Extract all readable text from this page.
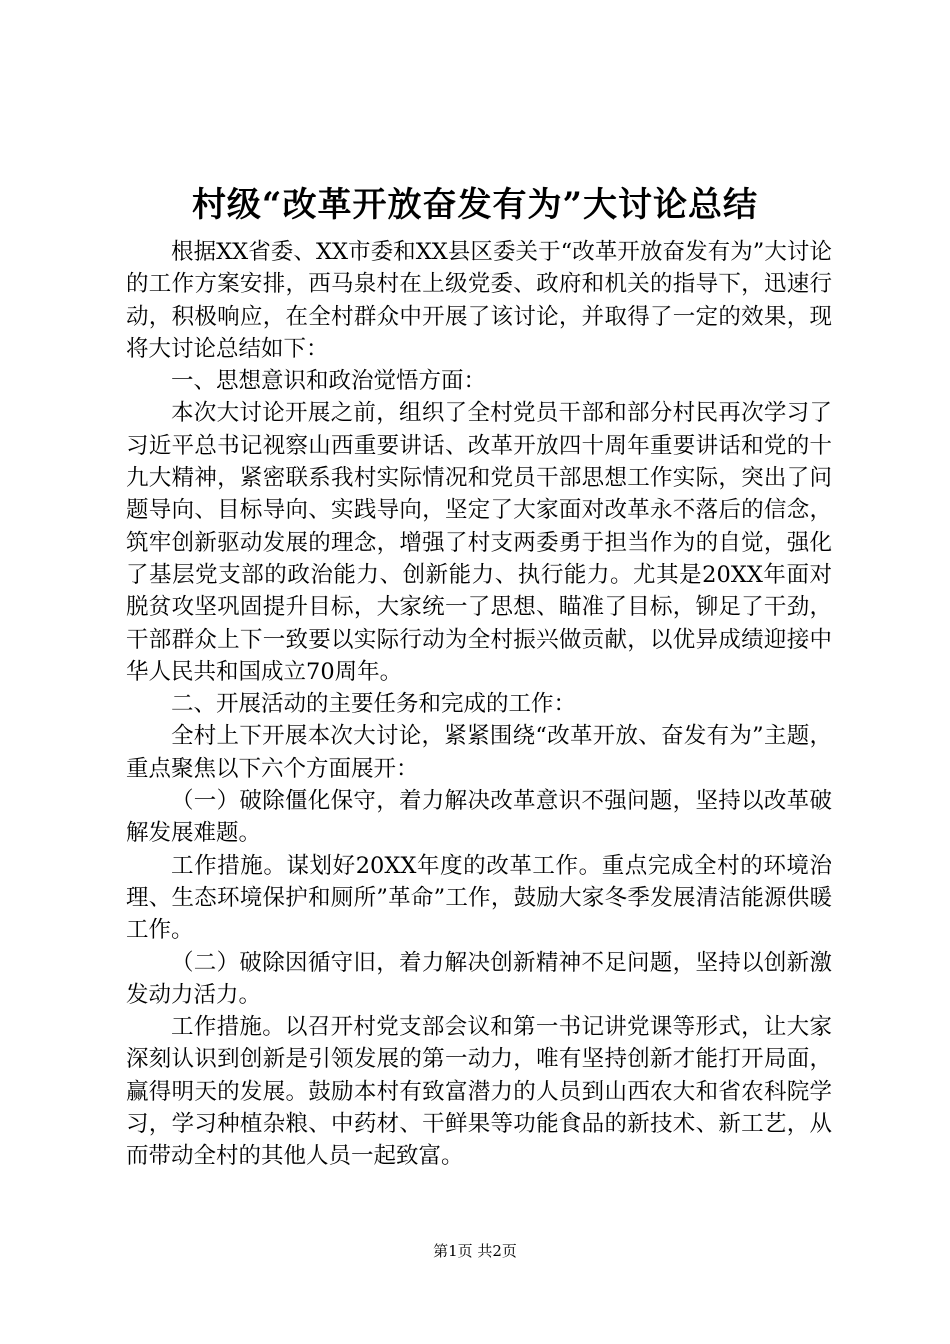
村级“改革开放奋发有为”大讨论总结

根据XX省委、XX市委和XX县区委关于“改革开放奋发有为”大讨论的工作方案安排，西马泉村在上级党委、政府和机关的指导下，迅速行动，积极响应，在全村群众中开展了该讨论，并取得了一定的效果，现将大讨论总结如下：

一、思想意识和政治觉悟方面：

本次大讨论开展之前，组织了全村党员干部和部分村民再次学习了习近平总书记视察山西重要讲话、改革开放四十周年重要讲话和党的十九大精神，紧密联系我村实际情况和党员干部思想工作实际，突出了问题导向、目标导向、实践导向，坚定了大家面对改革永不落后的信念，筑牢创新驱动发展的理念，增强了村支两委勇于担当作为的自觉，强化了基层党支部的政治能力、创新能力、执行能力。尤其是20XX年面对脱贫攻坚巩固提升目标，大家统一了思想、瞄准了目标，铆足了干劲，干部群众上下一致要以实际行动为全村振兴做贡献，以优异成绩迎接中华人民共和国成立70周年。

二、开展活动的主要任务和完成的工作：

全村上下开展本次大讨论，紧紧围绕“改革开放、奋发有为”主题，重点聚焦以下六个方面展开：

（一）破除僵化保守，着力解决改革意识不强问题，坚持以改革破解发展难题。

工作措施。谋划好20XX年度的改革工作。重点完成全村的环境治理、生态环境保护和厕所”革命”工作，鼓励大家冬季发展清洁能源供暖工作。

（二）破除因循守旧，着力解决创新精神不足问题，坚持以创新激发动力活力。

工作措施。以召开村党支部会议和第一书记讲党课等形式，让大家深刻认识到创新是引领发展的第一动力，唯有坚持创新才能打开局面，赢得明天的发展。鼓励本村有致富潜力的人员到山西农大和省农科院学习，学习种植杂粮、中药材、干鲜果等功能食品的新技术、新工艺，从而带动全村的其他人员一起致富。

第1页 共2页
